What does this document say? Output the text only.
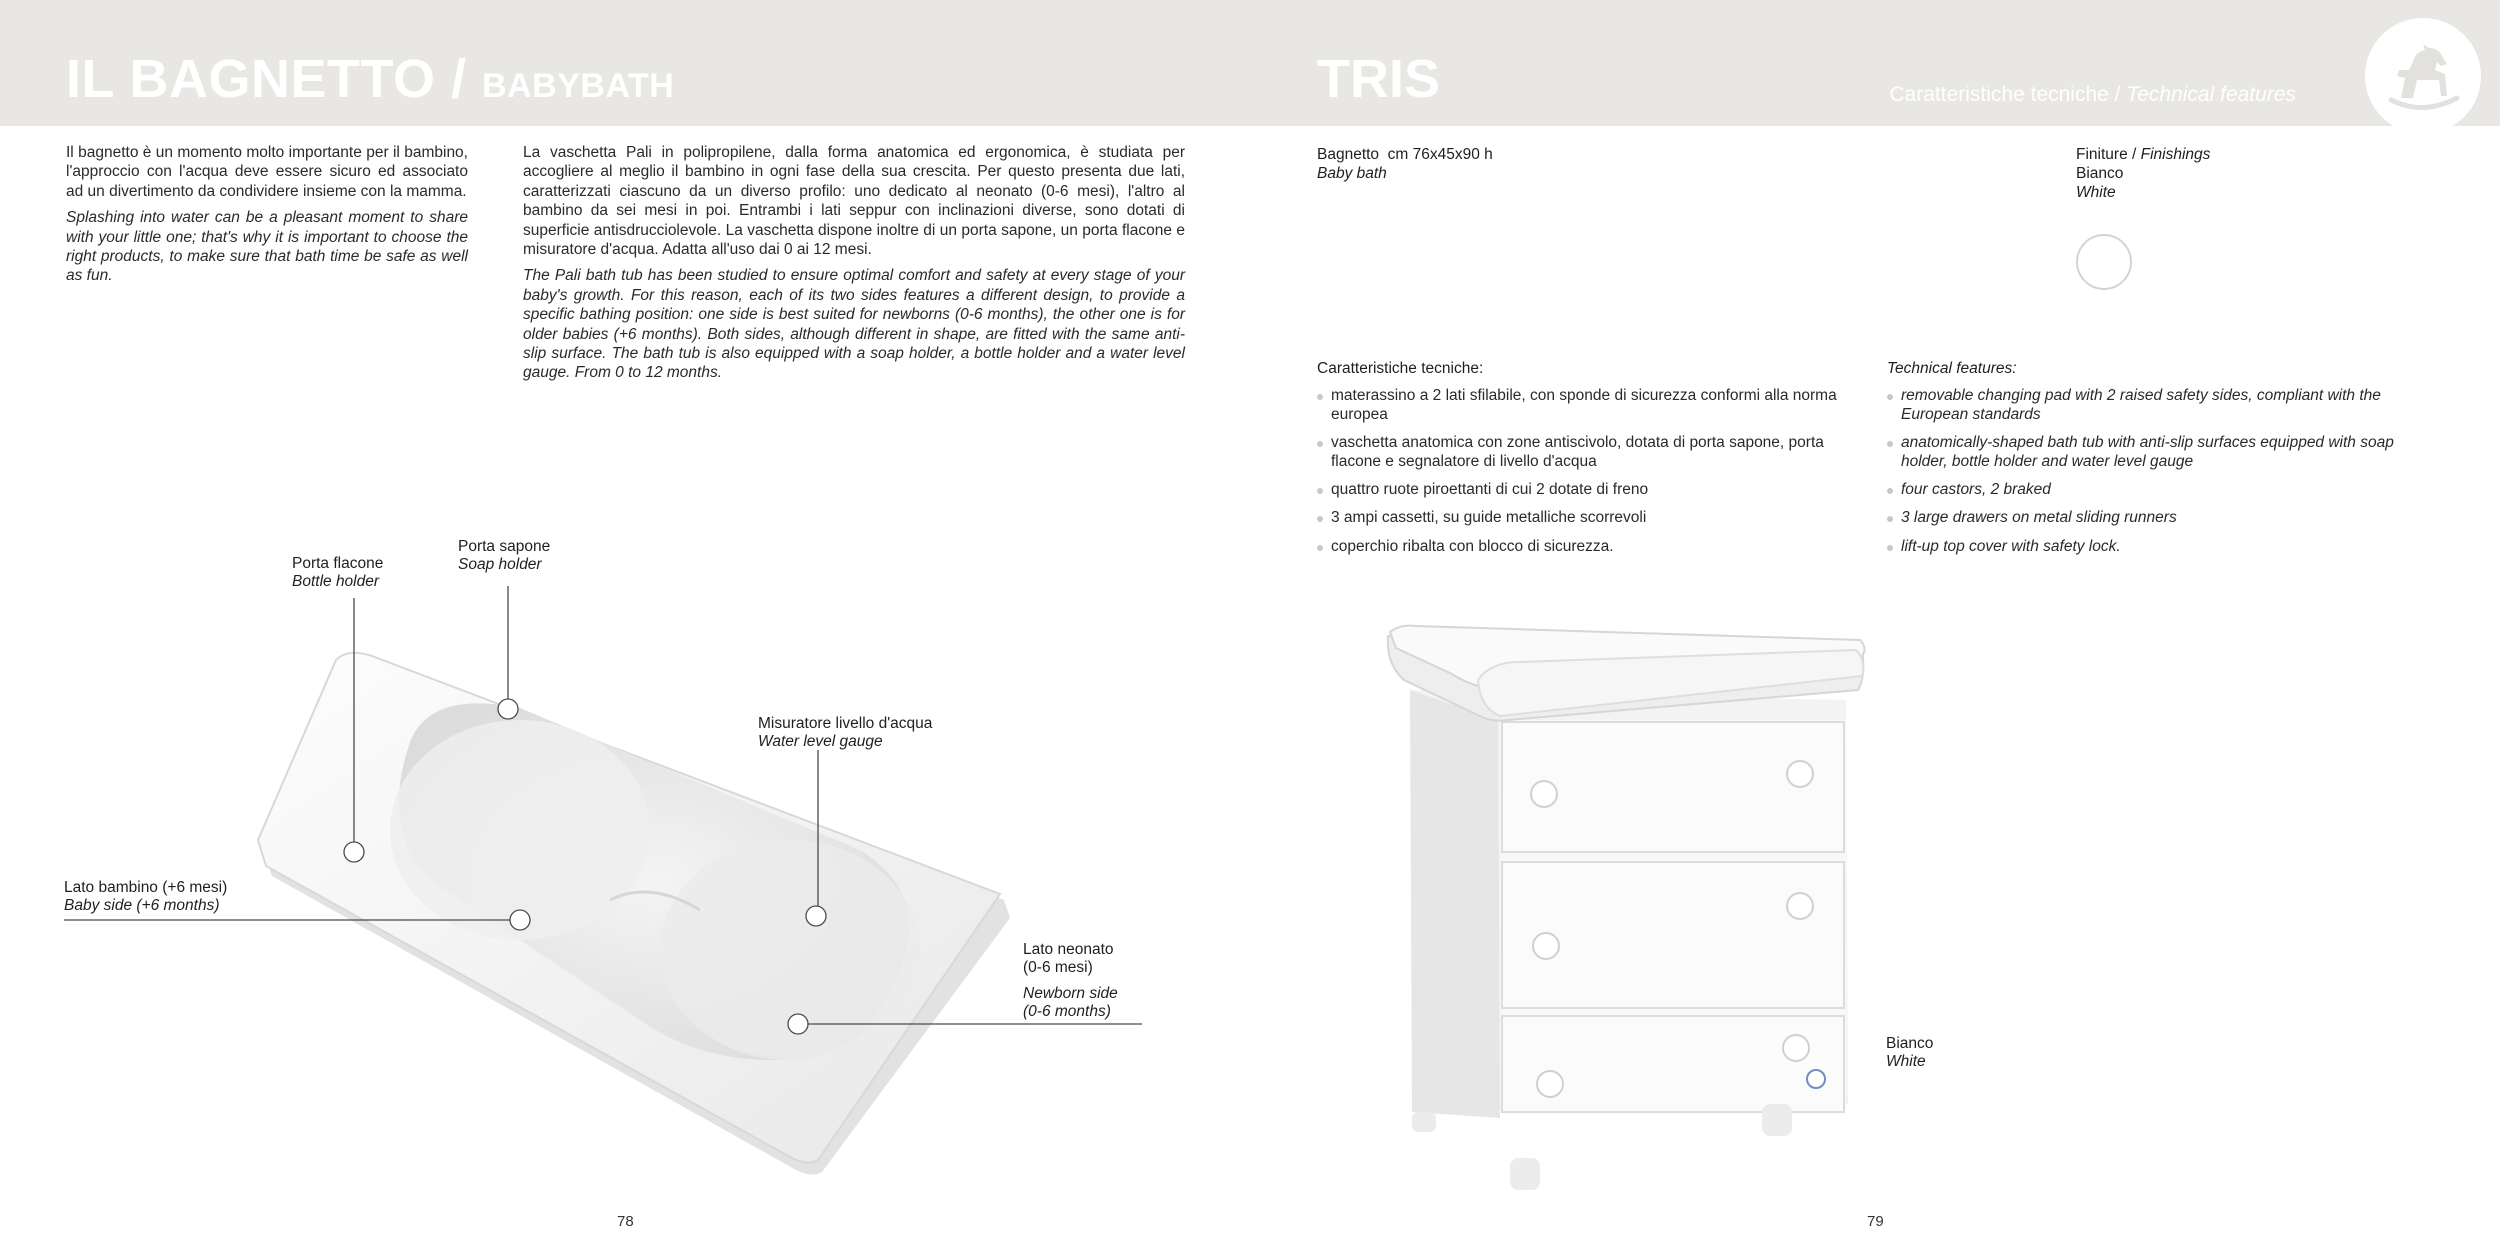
IL BAGNETTO / BABYBATH	TRIS	Caratteristiche tecniche / Technical features

Il bagnetto è un momento molto importante per il bambino, l'approccio con l'acqua deve essere sicuro ed associato ad un divertimento da condividere insieme con la mamma.

Splashing into water can be a pleasant moment to share with your little one; that's why it is important to choose the right products, to make sure that bath time be safe as well as fun.

La vaschetta Pali in polipropilene, dalla forma anatomica ed ergonomica, è studiata per accogliere al meglio il bambino in ogni fase della sua crescita. Per questo presenta due lati, caratterizzati ciascuno da un diverso profilo: uno dedicato al neonato (0-6 mesi), l'altro al bambino da sei mesi in poi. Entrambi i lati seppur con inclinazioni diverse, sono dotati di superficie antisdrucciolevole. La vaschetta dispone inoltre di un porta sapone, un porta flacone e misuratore d'acqua. Adatta all'uso dai 0 ai 12 mesi.

The Pali bath tub has been studied to ensure optimal comfort and safety at every stage of your baby's growth. For this reason, each of its two sides features a different design, to provide a specific bathing position: one side is best suited for newborns (0-6 months), the other one is for older babies (+6 months). Both sides, although different in shape, are fitted with the same anti-slip surface. The bath tub is also equipped with a soap holder, a bottle holder and a water level gauge. From 0 to 12 months.

Porta flacone
Bottle holder
Porta sapone
Soap holder
Misuratore livello d'acqua
Water level gauge
Lato bambino (+6 mesi)
Baby side (+6 months)
Lato neonato
(0-6 mesi)
Newborn side
(0-6 months)
Bagnetto  cm 76x45x90 h
Baby bath
Finiture / Finishings
Bianco
White
Caratteristiche tecniche:	Technical features:
materassino a 2 lati sfilabile, con sponde di sicurezza conformi alla norma europea
vaschetta anatomica con zone antiscivolo, dotata di porta sapone, porta flacone e segnalatore di livello d'acqua
quattro ruote piroettanti di cui 2 dotate di freno
3 ampi cassetti, su guide metalliche scorrevoli
coperchio ribalta con blocco di sicurezza.
removable changing pad with 2 raised safety sides, compliant with the European standards
anatomically-shaped bath tub with anti-slip surfaces equipped with soap holder, bottle holder and water level gauge
four castors, 2 braked
3 large drawers on metal sliding runners
lift-up top cover with safety lock.
Bianco
White
78	79
